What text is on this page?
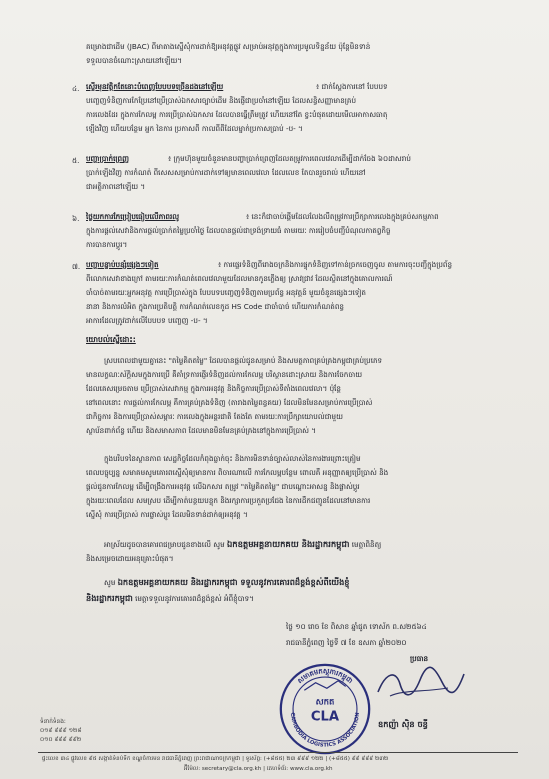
គម្រោងជាដើម (JBAC) ពីមាតាងស្នើសុំការដាក់ឱ្យអនុវត្តផ្លូវ សម្រាប់អនុវត្តក្នុងការប្រមូលទិន្នន័យ ប៉ុន្តែមិនទាន់
ទទួលបានចំណោះស្រាយនៅឡើយ។
៤. ស្ទើរមុនវត្តិកតែនោះបំពេញបែបបទច្រើនដងនៅឡើយ	៖ ជាក់ស្តែងការនៅ បែបបទ
បញ្ចេញទំនិញការកែប្រែនៅប្រើប្រាស់ឯកសារច្បាប់ដើម និងផ្ញើជាប្រចាំនៅឡើយ ដែលសន្ធិសញ្ញាមានគ្រប់
ការលេងដែរ ក្នុងការកែលម្អ ការប្រើប្រាស់ឯកសារ ដែលបានធ្វើត្រឹមត្រូវ ហើយនៅតែ ខ្វះបំផុតដោយមើលអាកាសធាតុ
ឡើងវិញ ហើយបន្ថែម អ្នក នៃការ ប្រកាសពី កាលពីពីដែលម្នាក់ប្រកាសប្រាប់ -ប- ។
៥. បញ្ហាប្រាក់ព្រេញ	៖ ក្រុមហ៊ុនមួយចំនួនមានបញ្ហាប្រាក់ព្រេញដែលតម្រូវការពេលវេលាដើម្បីដាក់ចែង ៦០ដាសរាប់
ប្រាក់ឡើងវិញ ការកំណត់ ពីសេសសម្រាប់ការដាក់ទៅឲ្យមានពេលវេលា ដែលលេខ តែបានរួចរាល់ ហើយនៅ
ជាអត្ថិភាពនៅឡើយ ។
៦. ថ្លៃយកការកែប្រៀបធៀបលើភាពរលូ	៖ នេះក៏ជាចាប់ផ្តើមដែលលែងលឺតម្រូវការប្រឹក្សាការលេងក្នុងគ្រប់សកម្មភាព
ក្នុងការផ្តល់សេវានិងការផ្ដល់ប្រាក់តម្លៃប្រចាំថ្ងៃ ដែលបានផ្តល់ជាទ្រង់ទ្រាយធំ តាមរយៈ ការរៀបចំបញ្ជីបំណុលកាតព្វកិច្ច
ការបានការប្តូរ។
៧. បញ្ហាបន្ទាប់បន្សំផ្សេងៗទៀត	៖ ការផ្ទេរទំនិញពីរោងចក្រនិងការផ្ទុកទំនិញទៅកាន់ច្រកចេញចូល តាមការចុះបញ្ជីក្នុងប្រព័ន្ធ
ពីលោកសេវាខាងក្រៅ តាមរយៈការកំណត់ពេលវេលាមួយដែលមានកូនភ្លើងឲ្យ ស្រាវជ្រាវ ដែលស្ថិតនៅក្នុងគោលការណ៍
ចាំបាច់តាមរយៈអ្នកអនុវត្ត ការប្រើប្រាស់ក្នុង បែបបទបញ្ចេញទំនិញតាមប្រព័ន្ធ អនុវត្តន៍ មួយចំនួនផ្សេងៗទៀត
នានា និងការលំអិត ក្នុងការប្រតិបត្តិ ការកំណត់លេខកូដ HS Code ជាចាំបាច់ ហើយការកំណត់ពន្ធ
អាការដែលត្រូវដាក់លើបែបបទ បញ្ចេញ -ប- ។
យោបល់ស្នើដោះ:
ស្របពេលជាមួយគ្នានេះ "តម្លៃគិតតម្លៃ" ដែលបានផ្ដល់ជូនសម្រាប់ និងសមត្ថភាពគ្រប់គ្រងកម្ពុជាគ្រប់ប្រភេទ
មានលក្ខណៈស័ក្តិសមក្នុងការប្រើ គឺគាំទ្រការផ្ញើរទំនិញដល់ការកែលម្អ បរិស្ថានដោះស្រាយ និងការចែកចាយ
ដែលគេសម្រេចតាម ប្រើប្រាស់សេវាកម្ម ក្នុងការអនុវត្ត និងកិច្ចការប្រើប្រាស់ទីតាំងពេលវេលា។ ប៉ុន្តែ
នៅពេលនោះ ការផ្ដល់ការកែលម្អ គឺការគ្រប់គ្រងទំនិញ (តារាងតម្លៃពន្ធគយ) ដែលមិនមែនសម្រាប់ការប្រើប្រាស់
ជាកិច្ចការ និងការប្រើប្រាស់សម្ភារៈ ការលេងក្នុងអន្តរជាតិ តែងតែ តាមរយៈការប្រឹក្សាយោបល់ជាមួយ
ស្ថាប័នពាក់ព័ន្ធ ហើយ និងសមាសភាព ដែលមានមិនមែនគ្រប់គ្រងនៅក្នុងការប្រើប្រាស់ ។
ក្នុងបរិបទនៃស្ថានភាព សេដ្ឋកិច្ចដែលកំពុងធ្លាក់ចុះ និងការមិនទាន់ច្បាស់លាស់នៃការងារព្រោះត្រៀម
ពេលបច្ចុប្បន្ន សមាគមសូមគោរពស្នើសុំឲ្យមានការ ពិចារណាលើ ការកែលម្អបន្ថែម ពោលគឺ អនុញ្ញាតឲ្យប្រើប្រាស់ និង
ផ្តល់ជូនការកែលម្អ ដើម្បីពង្រឹងការអនុវត្ត លើឯកសារ តម្រូវ "តម្លៃគិតតម្លៃ" ជាបណ្ដោះអាសន្ន និងផ្លាស់ប្ដូរ
ក្នុងរយៈពេលដែល សមស្រប ដើម្បីកាត់បន្ថយបន្ទុក និងរក្សាការប្រកួតប្រជែង នៃការដឹកជញ្ជូនដែលនៅមានការ
ស្នើសុំ ការប្រើប្រាស់ ការផ្លាស់ប្ដូរ ដែលមិនទាន់ដាក់ឲ្យអនុវត្ត ។
អាស្រ័យដូចបានគោរពជម្រាបជូនខាងលើ សូម ឯកឧត្តមអគ្គនាយកគយ និងរដ្ឋាករកម្ពុជា មេត្តាពិនិត្យ
និងសម្រេចដោយអនុគ្រោះបំផុត។
សូម ឯកឧត្តមអគ្គនាយកគយ និងរដ្ឋាករកម្ពុជា ទទួលនូវការគោរពដ៏ខ្ពង់ខ្ពស់ពីយើងខ្ញុំ
និងរដ្ឋាករកម្ពុជា មេត្តាទទួលនូវការគោរពដ៏ខ្ពង់ខ្ពស់ អំពីខ្ញុំបាទ។
ថ្ងៃ ១០ រោច ខែ ពិសាខ ឆ្នាំជូត ទោស័ក ព.ស២៥៦៤
រាជធានីភ្នំពេញ ថ្ងៃទី ៧ ខែ ឧសភា ឆ្នាំ២០២០
ប្រធាន
សមាគមភស្តុភារកម្ពុជា
CAMBODIA LOGISTICS ASSOCIATION
សកត
CLA	ឧកញ៉ា ស៊ិន ចន្ធី
ទំនាក់ទំនង:
០១៩ ៩៩៩ ១២៨
០១០ ៩៩៩ ៩៩២
ផ្ទះលេខ ៣៤ ផ្លូវលេខ ៩៥ សង្កាត់ទំនប់ទឹក ខណ្ឌចំការមន រាជធានីភ្នំពេញ ព្រះរាជាណាចក្រកម្ពុជា | ទូរស័ព្ទ: (+៨៥៥) ២៣ ៩៩៩ ១២២ | (+៨៥៥) ៩៩ ៩៩៩ ២៣២
អ៊ីម៉ែល: secretary@cla.org.kh | គេហទំព័រ: www.cla.org.kh
